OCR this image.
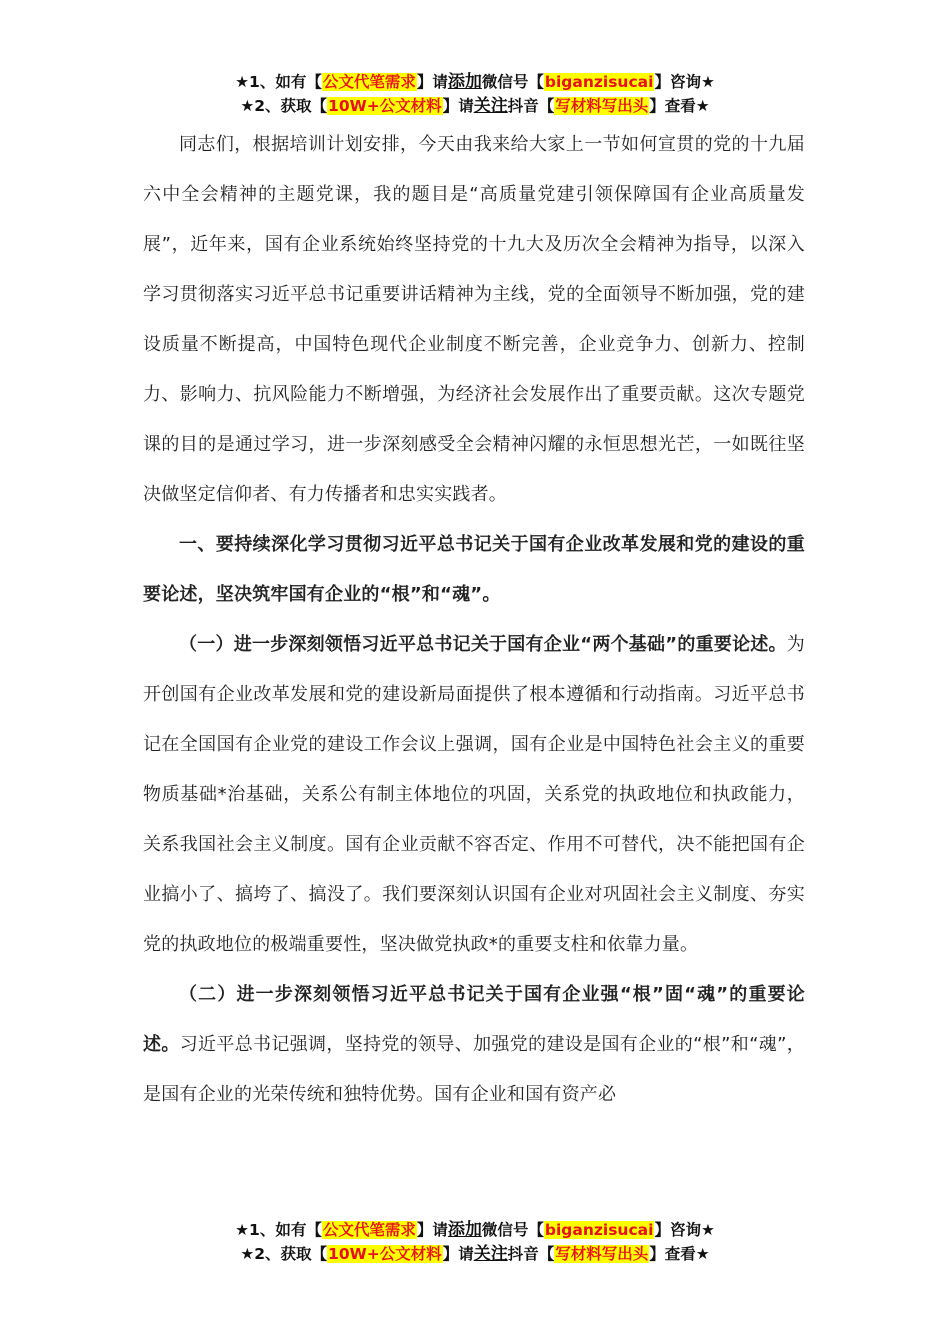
★1、如有【公文代笔需求】请添加微信号【biganzisucai】咨询★
★2、获取【10W+公文材料】请关注抖音【写材料写出头】查看★

同志们，根据培训计划安排，今天由我来给大家上一节如何宣贯的党的十九届六中全会精神的主题党课，我的题目是“高质量党建引领保障国有企业高质量发展”，近年来，国有企业系统始终坚持党的十九大及历次全会精神为指导，以深入学习贯彻落实习近平总书记重要讲话精神为主线，党的全面领导不断加强，党的建设质量不断提高，中国特色现代企业制度不断完善，企业竞争力、创新力、控制力、影响力、抗风险能力不断增强，为经济社会发展作出了重要贡献。这次专题党课的目的是通过学习，进一步深刻感受全会精神闪耀的永恒思想光芒，一如既往坚决做坚定信仰者、有力传播者和忠实实践者。

一、要持续深化学习贯彻习近平总书记关于国有企业改革发展和党的建设的重要论述，坚决筑牢国有企业的“根”和“魂”。

（一）进一步深刻领悟习近平总书记关于国有企业“两个基础”的重要论述。为开创国有企业改革发展和党的建设新局面提供了根本遵循和行动指南。习近平总书记在全国国有企业党的建设工作会议上强调，国有企业是中国特色社会主义的重要物质基础*治基础，关系公有制主体地位的巩固，关系党的执政地位和执政能力，关系我国社会主义制度。国有企业贡献不容否定、作用不可替代，决不能把国有企业搞小了、搞垮了、搞没了。我们要深刻认识国有企业对巩固社会主义制度、夯实党的执政地位的极端重要性，坚决做党执政*的重要支柱和依靠力量。

（二）进一步深刻领悟习近平总书记关于国有企业强“根”固“魂”的重要论述。习近平总书记强调，坚持党的领导、加强党的建设是国有企业的“根”和“魂”，是国有企业的光荣传统和独特优势。国有企业和国有资产必

★1、如有【公文代笔需求】请添加微信号【biganzisucai】咨询★
★2、获取【10W+公文材料】请关注抖音【写材料写出头】查看★
